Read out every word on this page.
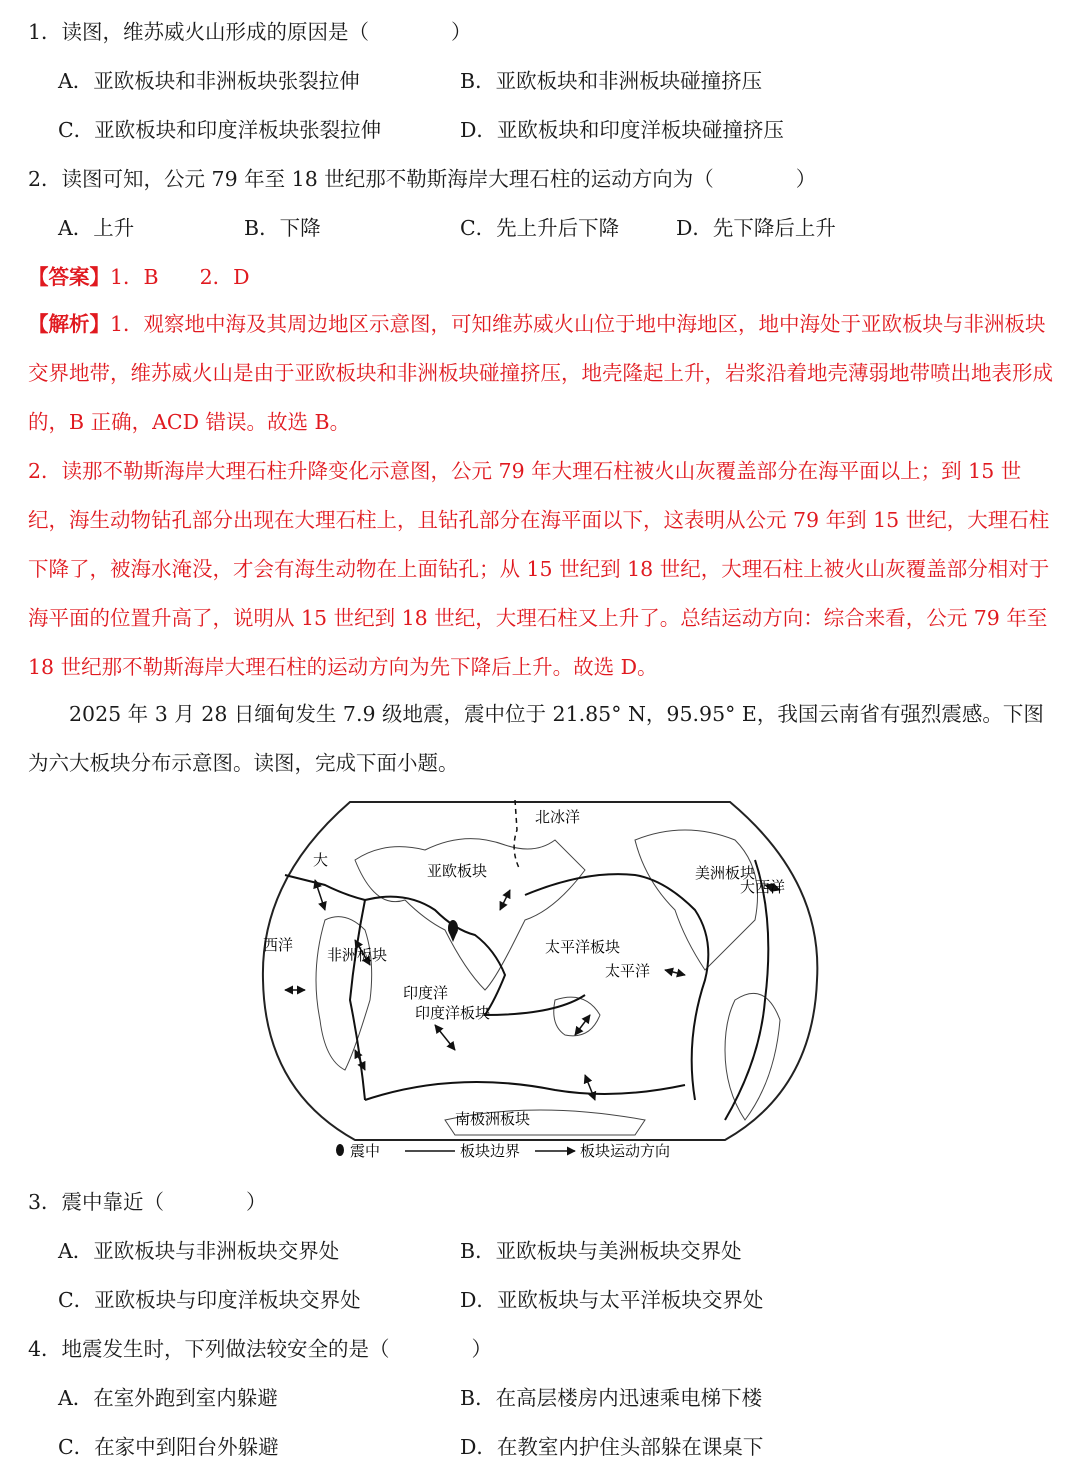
1．读图，维苏威火山形成的原因是（　　　　）
A．亚欧板块和非洲板块张裂拉伸	B．亚欧板块和非洲板块碰撞挤压
C．亚欧板块和印度洋板块张裂拉伸	D．亚欧板块和印度洋板块碰撞挤压
2．读图可知，公元 79 年至 18 世纪那不勒斯海岸大理石柱的运动方向为（　　　　）
A．上升	B．下降	C．先上升后下降	D．先下降后上升
【答案】1．B　　2．D
【解析】1．观察地中海及其周边地区示意图，可知维苏威火山位于地中海地区，地中海处于亚欧板块与非洲板块交界地带，维苏威火山是由于亚欧板块和非洲板块碰撞挤压，地壳隆起上升，岩浆沿着地壳薄弱地带喷出地表形成的，B 正确，ACD 错误。故选 B。
2．读那不勒斯海岸大理石柱升降变化示意图，公元 79 年大理石柱被火山灰覆盖部分在海平面以上；到 15 世纪，海生动物钻孔部分出现在大理石柱上，且钻孔部分在海平面以下，这表明从公元 79 年到 15 世纪，大理石柱下降了，被海水淹没，才会有海生动物在上面钻孔；从 15 世纪到 18 世纪，大理石柱上被火山灰覆盖部分相对于海平面的位置升高了，说明从 15 世纪到 18 世纪，大理石柱又上升了。总结运动方向：综合来看，公元 79 年至 18 世纪那不勒斯海岸大理石柱的运动方向为先下降后上升。故选 D。
2025 年 3 月 28 日缅甸发生 7.9 级地震，震中位于 21.85° N，95.95° E，我国云南省有强烈震感。下图为六大板块分布示意图。读图，完成下面小题。
北冰洋
亚欧板块
太平洋板块
太平洋
非洲板块
印度洋
印度洋板块
南极洲板块
美洲板块
西洋
大
大西洋
震中	板块边界	板块运动方向
3．震中靠近（　　　　）
A．亚欧板块与非洲板块交界处	B．亚欧板块与美洲板块交界处
C．亚欧板块与印度洋板块交界处	D．亚欧板块与太平洋板块交界处
4．地震发生时，下列做法较安全的是（　　　　）
A．在室外跑到室内躲避	B．在高层楼房内迅速乘电梯下楼
C．在家中到阳台外躲避	D．在教室内护住头部躲在课桌下
